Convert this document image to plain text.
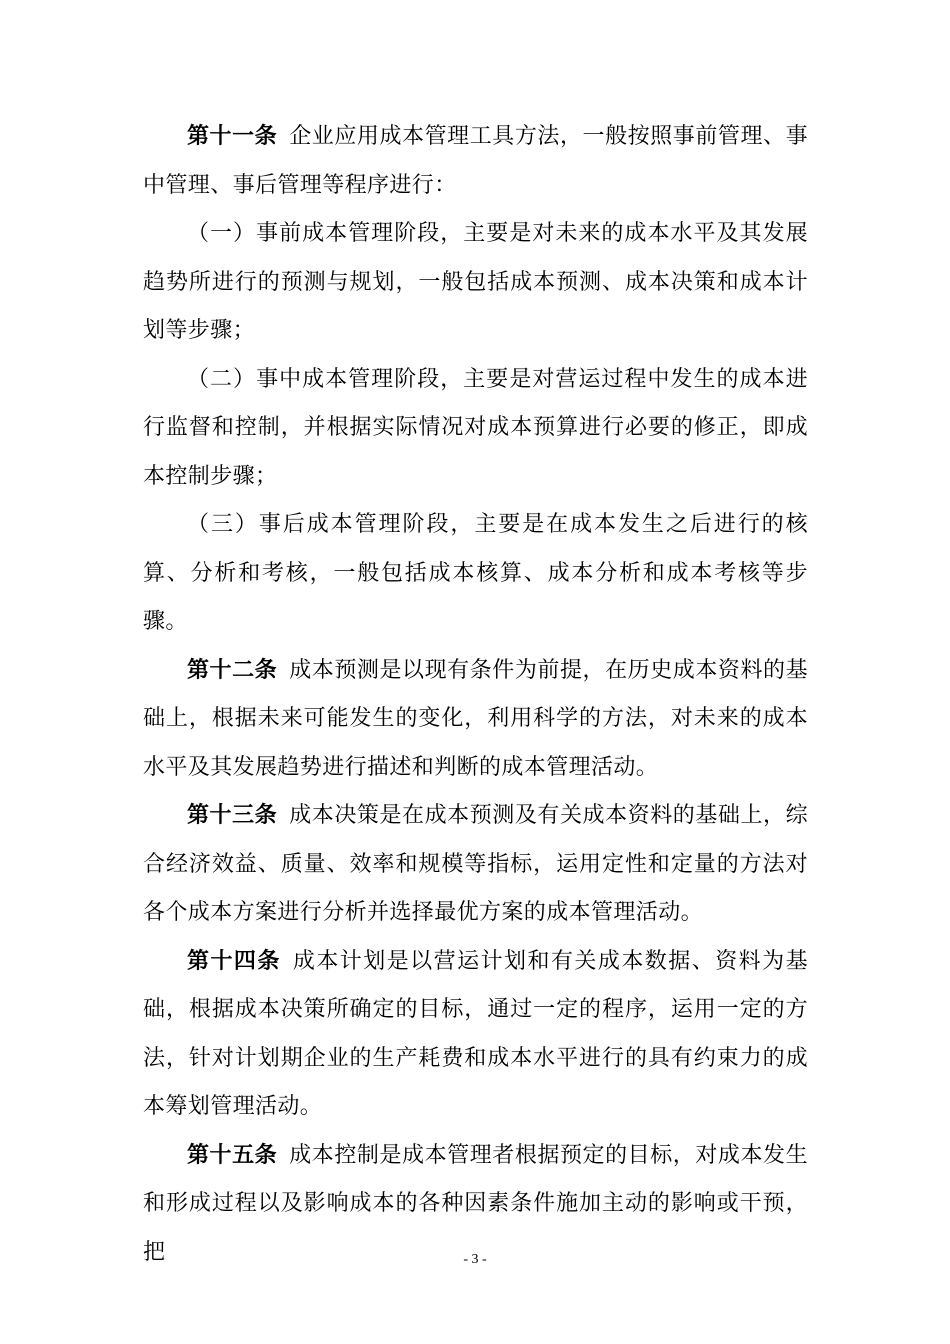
第十一条 企业应用成本管理工具方法，一般按照事前管理、事中管理、事后管理等程序进行：

（一）事前成本管理阶段，主要是对未来的成本水平及其发展趋势所进行的预测与规划，一般包括成本预测、成本决策和成本计划等步骤；

（二）事中成本管理阶段，主要是对营运过程中发生的成本进行监督和控制，并根据实际情况对成本预算进行必要的修正，即成本控制步骤；

（三）事后成本管理阶段，主要是在成本发生之后进行的核算、分析和考核，一般包括成本核算、成本分析和成本考核等步骤。

第十二条 成本预测是以现有条件为前提，在历史成本资料的基础上，根据未来可能发生的变化，利用科学的方法，对未来的成本水平及其发展趋势进行描述和判断的成本管理活动。

第十三条 成本决策是在成本预测及有关成本资料的基础上，综合经济效益、质量、效率和规模等指标，运用定性和定量的方法对各个成本方案进行分析并选择最优方案的成本管理活动。

第十四条 成本计划是以营运计划和有关成本数据、资料为基础，根据成本决策所确定的目标，通过一定的程序，运用一定的方法，针对计划期企业的生产耗费和成本水平进行的具有约束力的成本筹划管理活动。

第十五条 成本控制是成本管理者根据预定的目标，对成本发生和形成过程以及影响成本的各种因素条件施加主动的影响或干预，把	- 3 -
